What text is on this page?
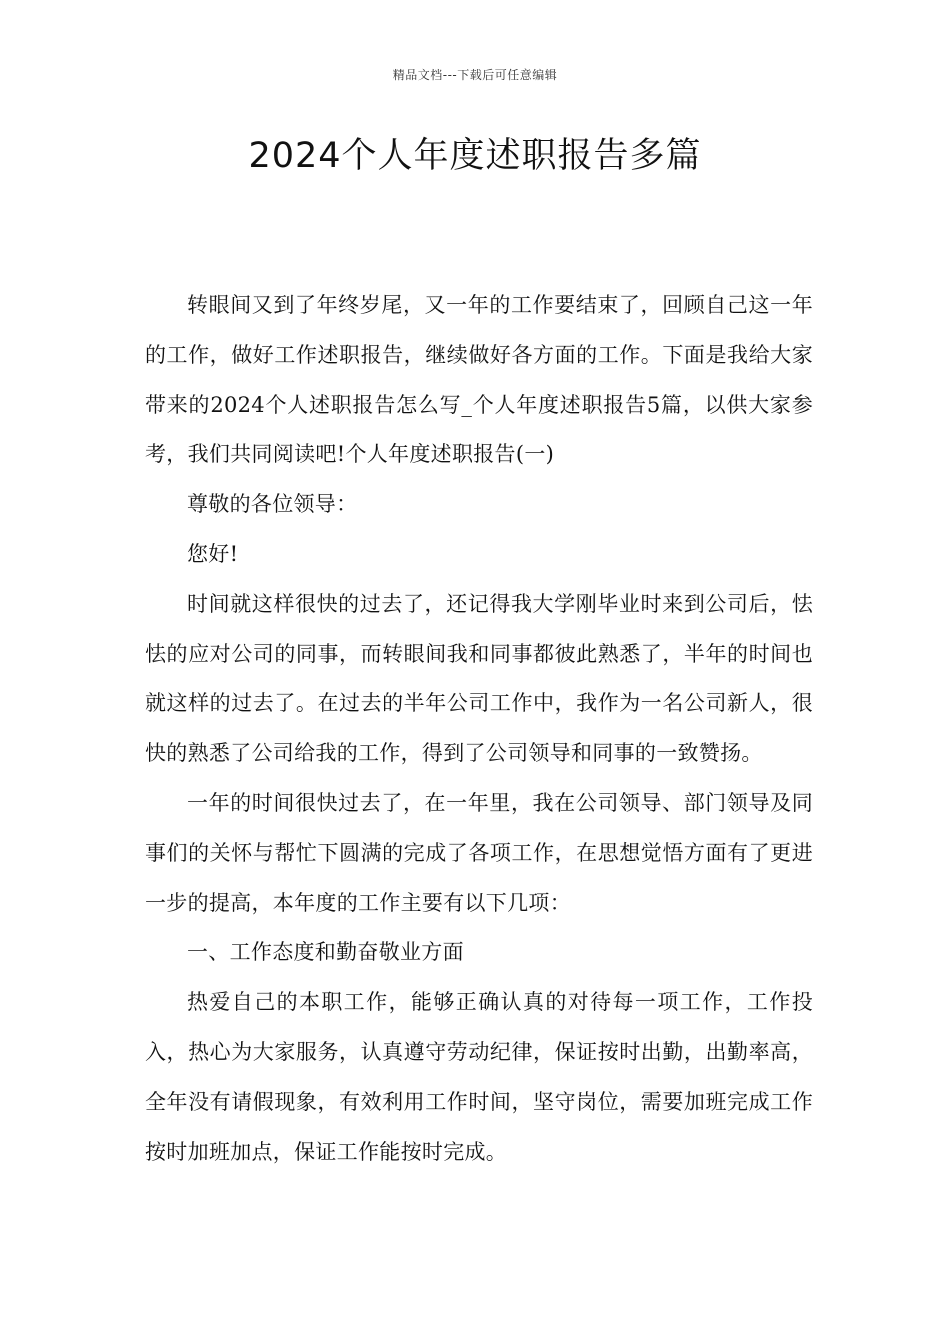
精品文档---下载后可任意编辑
2024个人年度述职报告多篇

转眼间又到了年终岁尾，又一年的工作要结束了，回顾自己这一年的工作，做好工作述职报告，继续做好各方面的工作。下面是我给大家带来的2024个人述职报告怎么写_个人年度述职报告5篇，以供大家参考，我们共同阅读吧!个人年度述职报告(一)

尊敬的各位领导：

您好!

时间就这样很快的过去了，还记得我大学刚毕业时来到公司后，怯怯的应对公司的同事，而转眼间我和同事都彼此熟悉了，半年的时间也就这样的过去了。在过去的半年公司工作中，我作为一名公司新人，很快的熟悉了公司给我的工作，得到了公司领导和同事的一致赞扬。

一年的时间很快过去了，在一年里，我在公司领导、部门领导及同事们的关怀与帮忙下圆满的完成了各项工作，在思想觉悟方面有了更进一步的提高，本年度的工作主要有以下几项：

一、工作态度和勤奋敬业方面

热爱自己的本职工作，能够正确认真的对待每一项工作，工作投入，热心为大家服务，认真遵守劳动纪律，保证按时出勤，出勤率高，全年没有请假现象，有效利用工作时间，坚守岗位，需要加班完成工作按时加班加点，保证工作能按时完成。
